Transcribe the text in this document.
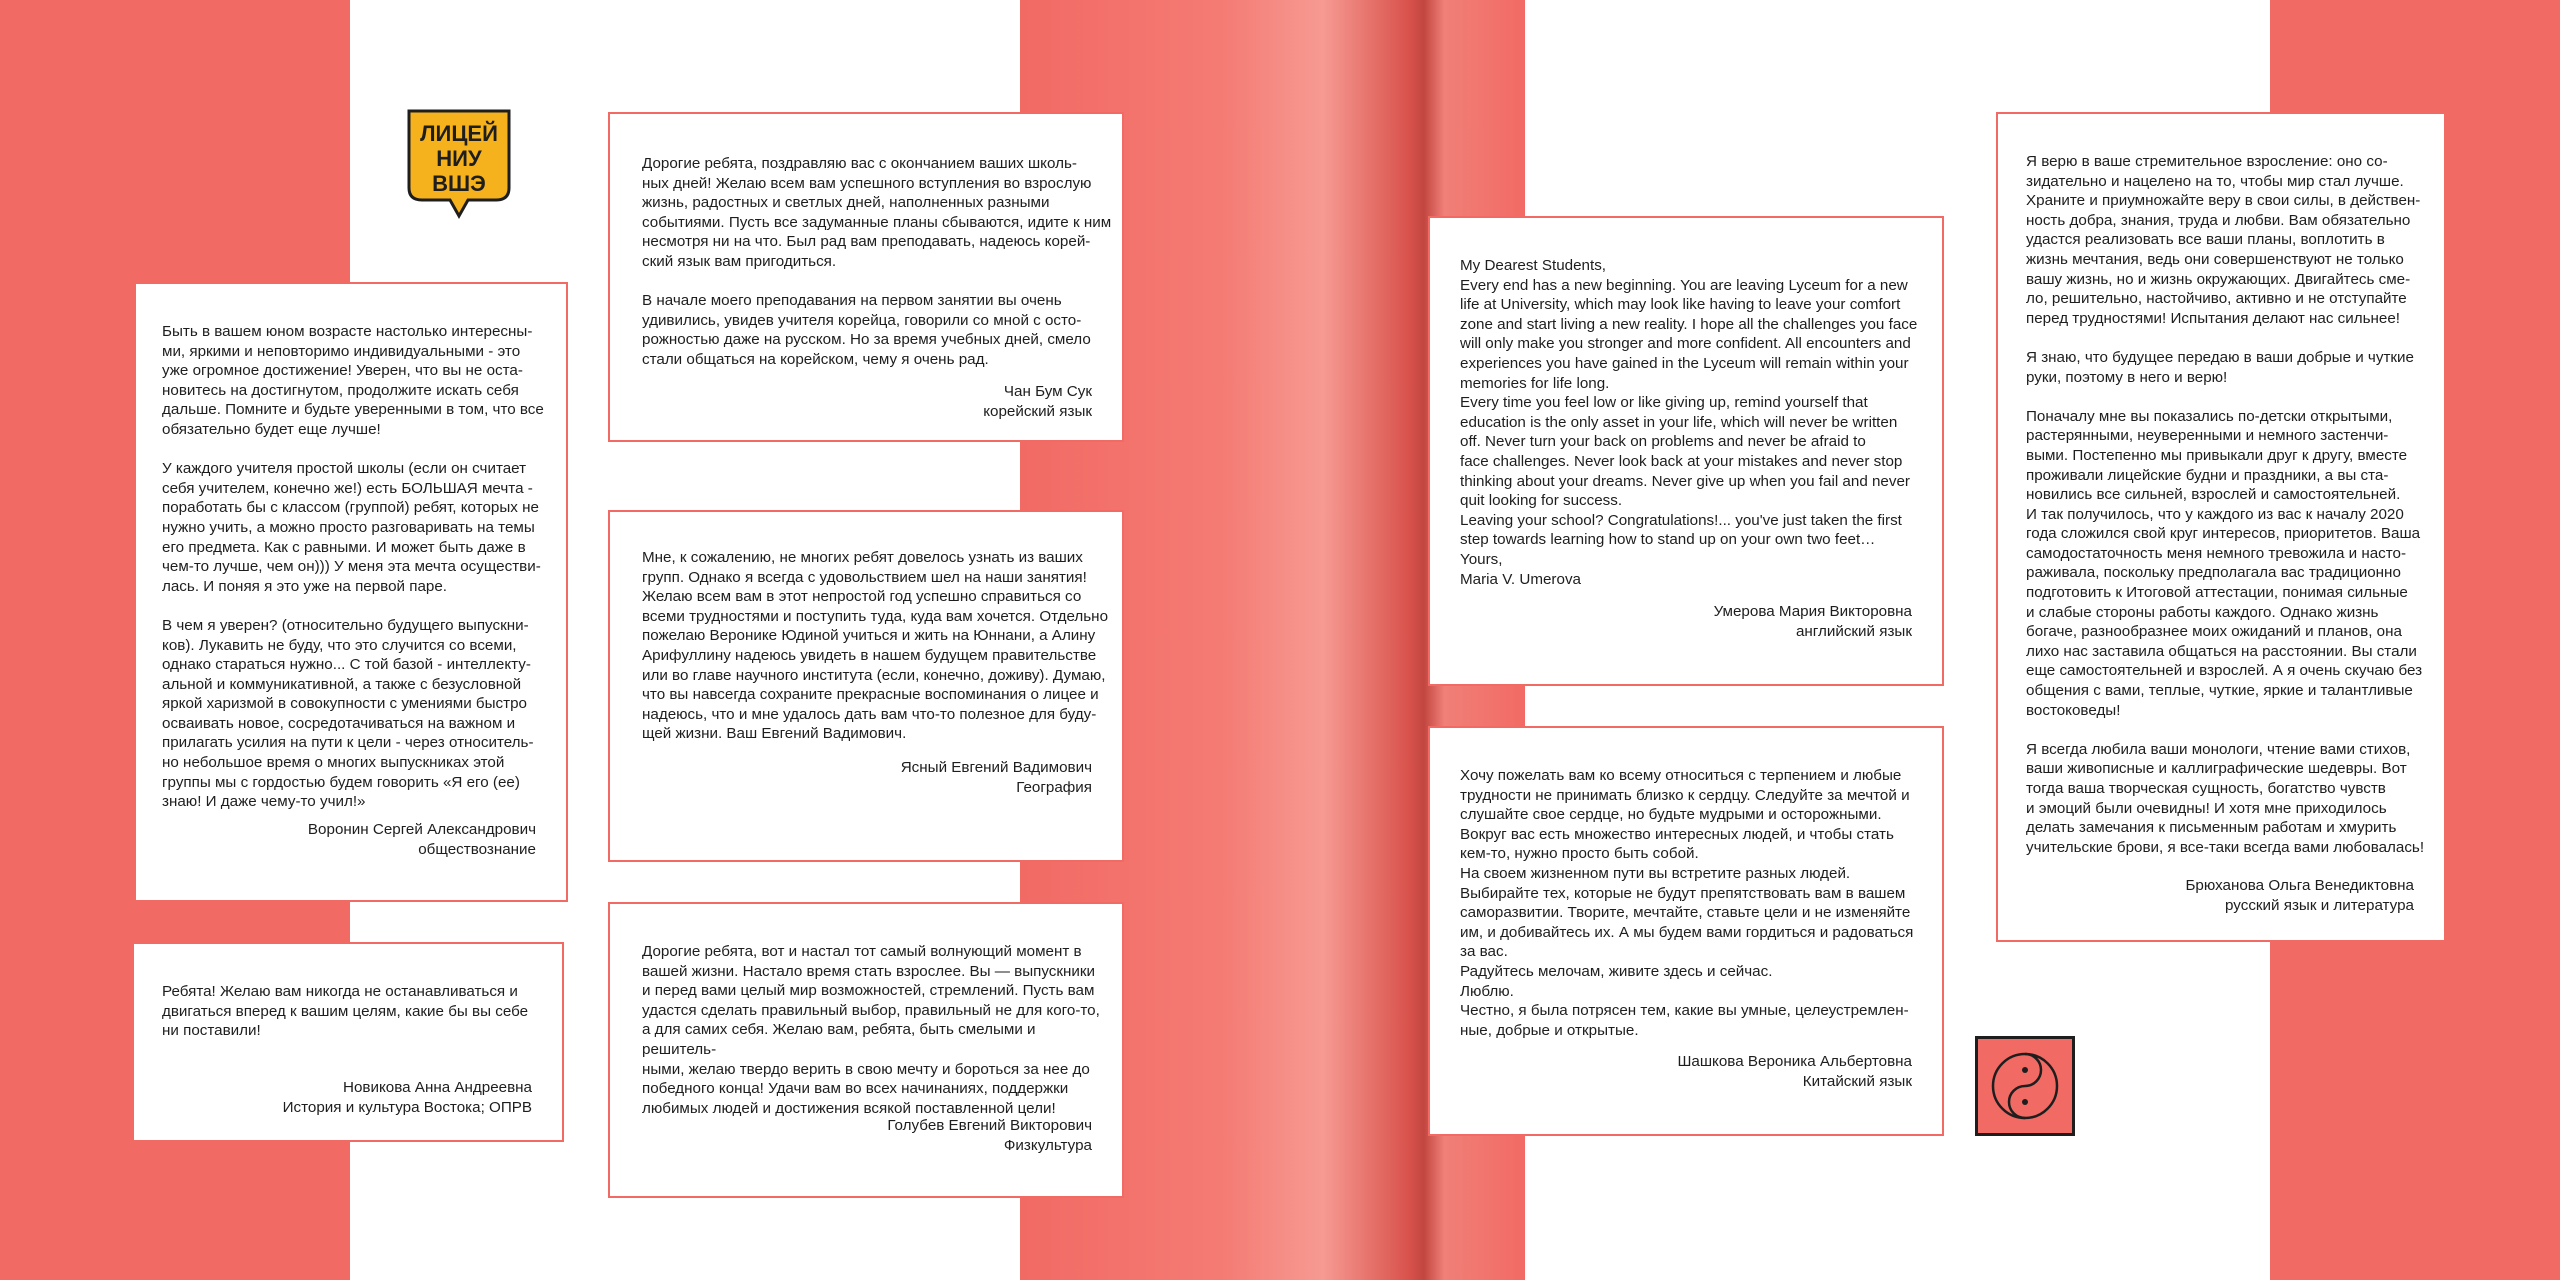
ЛИЦЕЙ
НИУ
ВШЭ
Быть в вашем юном возрасте настолько интересны-
ми, яркими и неповторимо индивидуальными - это
уже огромное достижение! Уверен, что вы не оста-
новитесь на достигнутом, продолжите искать себя
дальше. Помните и будьте уверенными в том, что все
обязательно будет еще лучше!

У каждого учителя простой школы (если он считает
себя учителем, конечно же!) есть БОЛЬШАЯ мечта -
поработать бы с классом (группой) ребят, которых не
нужно учить, а можно просто разговаривать на темы
его предмета. Как с равными. И может быть даже в
чем-то лучше, чем он))) У меня эта мечта осуществи-
лась. И поняя я это уже на первой паре.

В чем я уверен? (относительно будущего выпускни-
ков). Лукавить не буду, что это случится со всеми,
однако стараться нужно... С той базой - интеллекту-
альной и коммуникативной, а также с безусловной
яркой харизмой в совокупности с умениями быстро
осваивать новое, сосредотачиваться на важном и
прилагать усилия на пути к цели - через относитель-
но небольшое время о многих выпускниках этой
группы мы с гордостью будем говорить «Я его (ее)
знаю! И даже чему-то учил!»
Воронин Сергей Александрович
обществознание
Ребята! Желаю вам никогда не останавливаться и
двигаться вперед к вашим целям, какие бы вы себе
ни поставили!
Новикова Анна Андреевна
История и культура Востока; ОПРВ
Дорогие ребята, поздравляю вас с окончанием ваших школь-
ных дней! Желаю всем вам успешного вступления во взрослую
жизнь, радостных и светлых дней, наполненных разными
событиями. Пусть все задуманные планы сбываются, идите к ним
несмотря ни на что. Был рад вам преподавать, надеюсь корей-
ский язык вам пригодиться.

В начале моего преподавания на первом занятии вы очень
удивились, увидев учителя корейца, говорили со мной с осто-
рожностью даже на русском. Но за время учебных дней, смело
стали общаться на корейском, чему я очень рад.
Чан Бум Сук
корейский язык
Мне, к сожалению, не многих ребят довелось узнать из ваших
групп. Однако я всегда с удовольствием шел на наши занятия!
Желаю всем вам в этот непростой год успешно справиться со
всеми трудностями и поступить туда, куда вам хочется. Отдельно
пожелаю Веронике Юдиной учиться и жить на Юннани, а Алину
Арифуллину надеюсь увидеть в нашем будущем правительстве
или во главе научного института (если, конечно, доживу). Думаю,
что вы навсегда сохраните прекрасные воспоминания о лицее и
надеюсь, что и мне удалось дать вам что-то полезное для буду-
щей жизни. Ваш Евгений Вадимович.
Ясный Евгений Вадимович
География
Дорогие ребята, вот и настал тот самый волнующий момент в
вашей жизни. Настало время стать взрослее. Вы — выпускники
и перед вами целый мир возможностей, стремлений. Пусть вам
удастся сделать правильный выбор, правильный не для кого-то,
а для самих себя. Желаю вам, ребята, быть смелыми и решитель-
ными, желаю твердо верить в свою мечту и бороться за нее до
победного конца! Удачи вам во всех начинаниях, поддержки
любимых людей и достижения всякой поставленной цели!
Голубев Евгений Викторович
Физкультура
My Dearest Students,
Every end has a new beginning. You are leaving Lyceum for a new
life at University, which may look like having to leave your comfort
zone and start living a new reality. I hope all the challenges you face
will only make you stronger and more confident. All encounters and
experiences you have gained in the Lyceum will remain within your
memories for life long.
Every time you feel low or like giving up, remind yourself that
education is the only asset in your life, which will never be written
off. Never turn your back on problems and never be afraid to
face challenges. Never look back at your mistakes and never stop
thinking about your dreams. Never give up when you fail and never
quit looking for success.
Leaving your school? Congratulations!... you've just taken the first
step towards learning how to stand up on your own two feet…
Yours,
Maria V. Umerova
Умерова Мария Викторовна
английский язык
Хочу пожелать вам ко всему относиться с терпением и любые
трудности не принимать близко к сердцу. Следуйте за мечтой и
слушайте свое сердце, но будьте мудрыми и осторожными.
Вокруг вас есть множество интересных людей, и чтобы стать
кем-то, нужно просто быть собой.
На своем жизненном пути вы встретите разных людей.
Выбирайте тех, которые не будут препятствовать вам в вашем
саморазвитии. Творите, мечтайте, ставьте цели и не изменяйте
им, и добивайтесь их. А мы будем вами гордиться и радоваться
за вас.
Радуйтесь мелочам, живите здесь и сейчас.
Люблю.
Честно, я была потрясен тем, какие вы умные, целеустремлен-
ные, добрые и открытые.
Шашкова Вероника Альбертовна
Китайский язык
Я верю в ваше стремительное взросление: оно со-
зидательно и нацелено на то, чтобы мир стал лучше.
Храните и приумножайте веру в свои силы, в действен-
ность добра, знания, труда и любви. Вам обязательно
удастся реализовать все ваши планы, воплотить в
жизнь мечтания, ведь они совершенствуют не только
вашу жизнь, но и жизнь окружающих. Двигайтесь сме-
ло, решительно, настойчиво, активно и не отступайте
перед трудностями! Испытания делают нас сильнее!

Я знаю, что будущее передаю в ваши добрые и чуткие
руки, поэтому в него и верю!

Поначалу мне вы показались по-детски открытыми,
растерянными, неуверенными и немного застенчи-
выми. Постепенно мы привыкали друг к другу, вместе
проживали лицейские будни и праздники, а вы ста-
новились все сильней, взрослей и самостоятельней.
И так получилось, что у каждого из вас к началу 2020
года сложился свой круг интересов, приоритетов. Ваша
самодостаточность меня немного тревожила и насто-
раживала, поскольку предполагала вас традиционно
подготовить к Итоговой аттестации, понимая сильные
и слабые стороны работы каждого. Однако жизнь
богаче, разнообразнее моих ожиданий и планов, она
лихо нас заставила общаться на расстоянии. Вы стали
еще самостоятельней и взрослей. А я очень скучаю без
общения с вами, теплые, чуткие, яркие и талантливые
востоковеды!

Я всегда любила ваши монологи, чтение вами стихов,
ваши живописные и каллиграфические шедевры. Вот
тогда ваша творческая сущность, богатство чувств
и эмоций были очевидны! И хотя мне приходилось
делать замечания к письменным работам и хмурить
учительские брови, я все-таки всегда вами любовалась!
Брюханова Ольга Венедиктовна
русский язык и литература
